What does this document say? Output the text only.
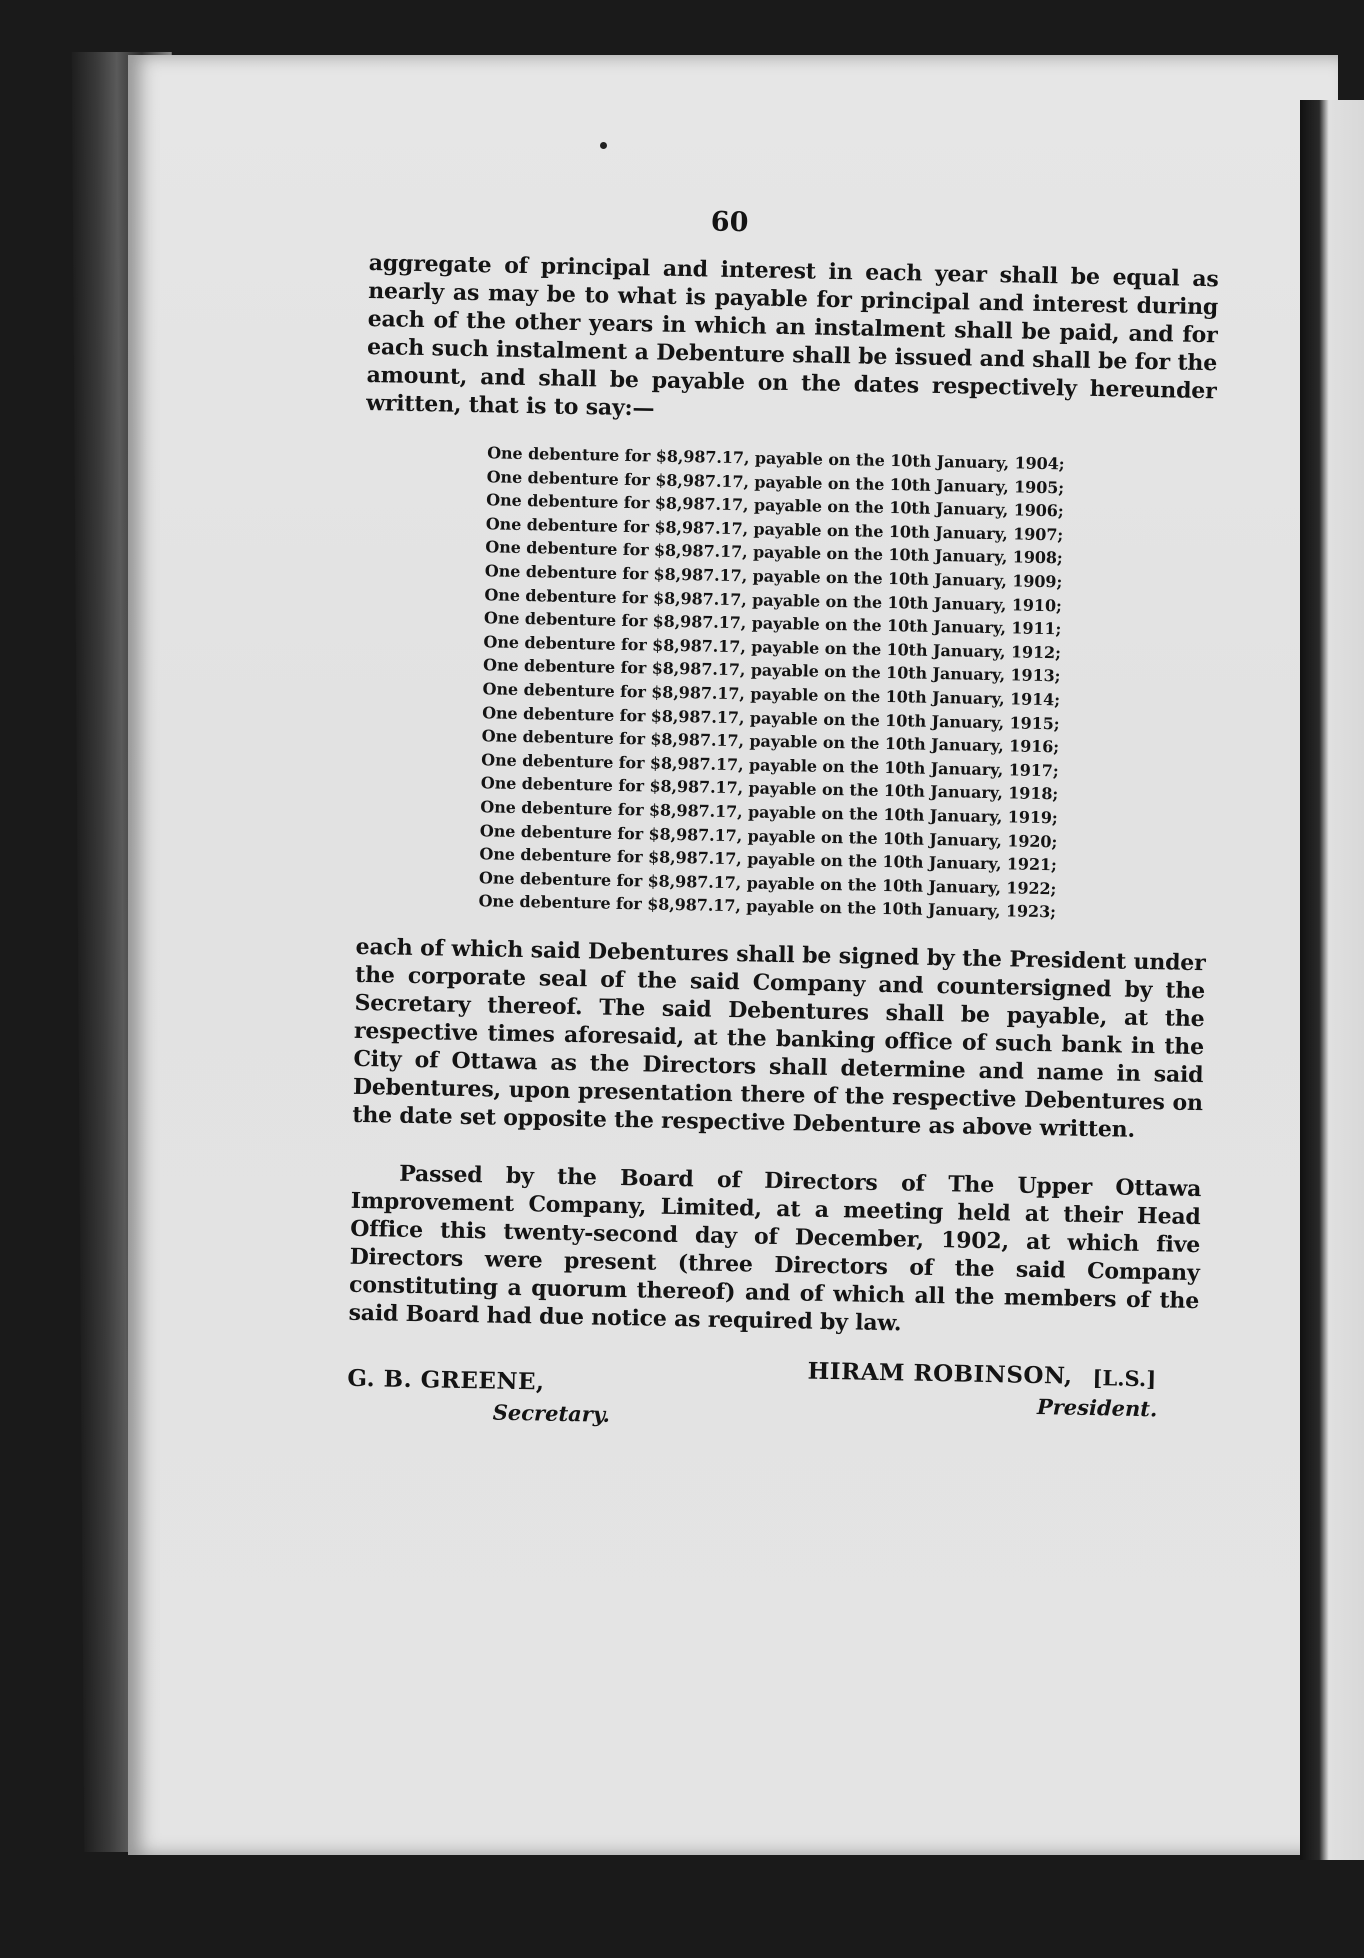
60

aggregate of principal and interest in each year shall be equal as nearly as may be to what is payable for principal and interest during each of the other years in which an instalment shall be paid, and for each such instalment a Debenture shall be issued and shall be for the amount, and shall be payable on the dates respectively hereunder written, that is to say:—

One debenture for $8,987.17, payable on the 10th January, 1904;
One debenture for $8,987.17, payable on the 10th January, 1905;
One debenture for $8,987.17, payable on the 10th January, 1906;
One debenture for $8,987.17, payable on the 10th January, 1907;
One debenture for $8,987.17, payable on the 10th January, 1908;
One debenture for $8,987.17, payable on the 10th January, 1909;
One debenture for $8,987.17, payable on the 10th January, 1910;
One debenture for $8,987.17, payable on the 10th January, 1911;
One debenture for $8,987.17, payable on the 10th January, 1912;
One debenture for $8,987.17, payable on the 10th January, 1913;
One debenture for $8,987.17, payable on the 10th January, 1914;
One debenture for $8,987.17, payable on the 10th January, 1915;
One debenture for $8,987.17, payable on the 10th January, 1916;
One debenture for $8,987.17, payable on the 10th January, 1917;
One debenture for $8,987.17, payable on the 10th January, 1918;
One debenture for $8,987.17, payable on the 10th January, 1919;
One debenture for $8,987.17, payable on the 10th January, 1920;
One debenture for $8,987.17, payable on the 10th January, 1921;
One debenture for $8,987.17, payable on the 10th January, 1922;
One debenture for $8,987.17, payable on the 10th January, 1923;

each of which said Debentures shall be signed by the President under the corporate seal of the said Company and countersigned by the Secretary thereof. The said Debentures shall be payable, at the respective times aforesaid, at the banking office of such bank in the City of Ottawa as the Directors shall determine and name in said Debentures, upon presentation there of the respective Debentures on the date set opposite the respective Debenture as above written.

Passed by the Board of Directors of The Upper Ottawa Improvement Company, Limited, at a meeting held at their Head Office this twenty-second day of December, 1902, at which five Directors were present (three Directors of the said Company constituting a quorum thereof) and of which all the members of the said Board had due notice as required by law.

G. B. GREENE,
Secretary.
HIRAM ROBINSON, [L.S.]
President.
